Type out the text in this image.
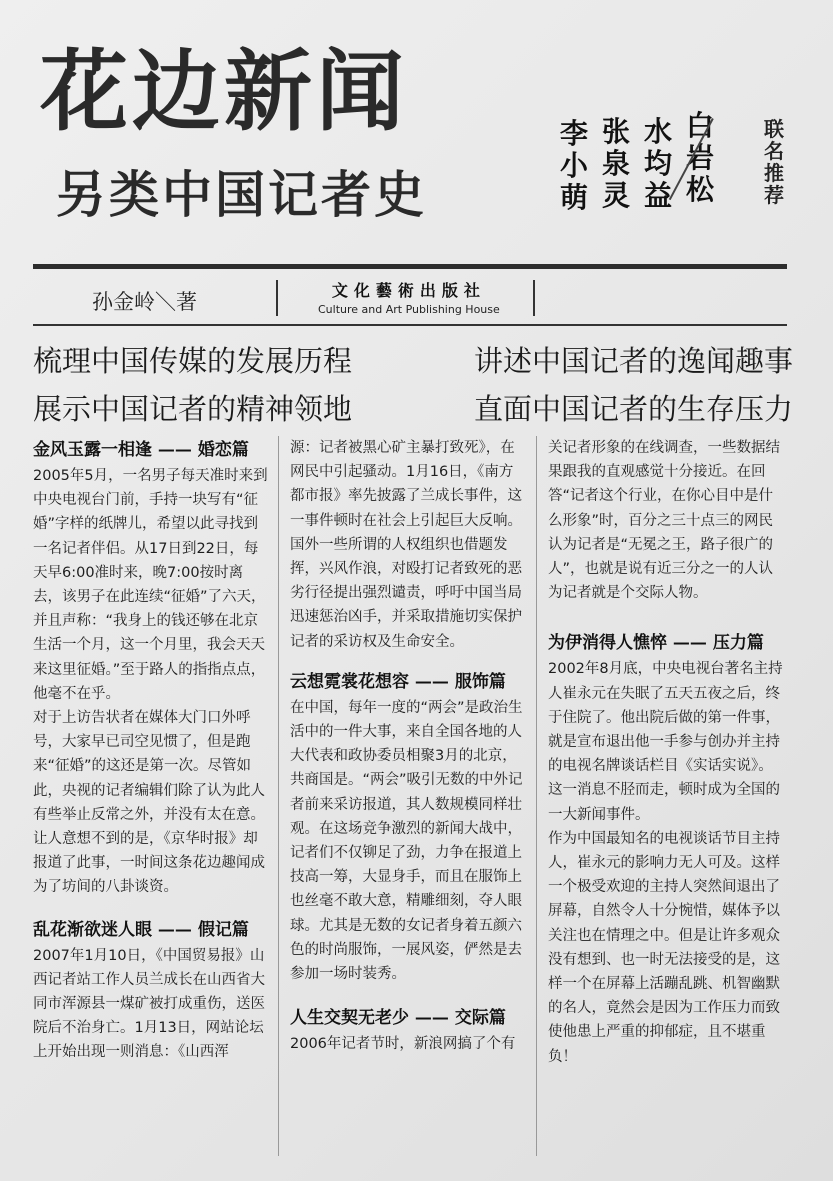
花边新闻
另类中国记者史
李
小
萌
张
泉
灵
水
均
益
白
岩
松
联
名
推
荐
孙金岭＼著	文化藝術出版社
Culture and Art Publishing House
梳理中国传媒的发展历程	讲述中国记者的逸闻趣事
展示中国记者的精神领地	直面中国记者的生存压力
金风玉露一相逢 —— 婚恋篇

2005年5月，一名男子每天准时来到中央电视台门前，手持一块写有“征婚”字样的纸牌儿，希望以此寻找到一名记者伴侣。从17日到22日，每天早6:00准时来，晚7:00按时离去，该男子在此连续“征婚”了六天，并且声称：“我身上的钱还够在北京生活一个月，这一个月里，我会天天来这里征婚。”至于路人的指指点点，他毫不在乎。

对于上访告状者在媒体大门口外呼号，大家早已司空见惯了，但是跑来“征婚”的这还是第一次。尽管如此，央视的记者编辑们除了认为此人有些举止反常之外，并没有太在意。让人意想不到的是，《京华时报》却报道了此事，一时间这条花边趣闻成为了坊间的八卦谈资。

乱花渐欲迷人眼 —— 假记篇

2007年1月10日，《中国贸易报》山西记者站工作人员兰成长在山西省大同市浑源县一煤矿被打成重伤，送医院后不治身亡。1月13日，网站论坛上开始出现一则消息：《山西浑

源：记者被黑心矿主暴打致死》，在网民中引起骚动。1月16日，《南方都市报》率先披露了兰成长事件，这一事件顿时在社会上引起巨大反响。国外一些所谓的人权组织也借题发挥，兴风作浪，对殴打记者致死的恶劣行径提出强烈谴责，呼吁中国当局迅速惩治凶手，并采取措施切实保护记者的采访权及生命安全。

云想霓裳花想容 —— 服饰篇

在中国，每年一度的“两会”是政治生活中的一件大事，来自全国各地的人大代表和政协委员相聚3月的北京，共商国是。“两会”吸引无数的中外记者前来采访报道，其人数规模同样壮观。在这场竞争激烈的新闻大战中，记者们不仅铆足了劲，力争在报道上技高一筹，大显身手，而且在服饰上也丝毫不敢大意，精雕细刻，夺人眼球。尤其是无数的女记者身着五颜六色的时尚服饰，一展风姿，俨然是去参加一场时装秀。

人生交契无老少 —— 交际篇

2006年记者节时，新浪网搞了个有

关记者形象的在线调查，一些数据结果跟我的直观感觉十分接近。在回答“记者这个行业，在你心目中是什么形象”时，百分之三十点三的网民认为记者是“无冕之王，路子很广的人”，也就是说有近三分之一的人认为记者就是个交际人物。

为伊消得人憔悴 —— 压力篇

2002年8月底，中央电视台著名主持人崔永元在失眠了五天五夜之后，终于住院了。他出院后做的第一件事，就是宣布退出他一手参与创办并主持的电视名牌谈话栏目《实话实说》。这一消息不胫而走，顿时成为全国的一大新闻事件。

作为中国最知名的电视谈话节目主持人，崔永元的影响力无人可及。这样一个极受欢迎的主持人突然间退出了屏幕，自然令人十分惋惜，媒体予以关注也在情理之中。但是让许多观众没有想到、也一时无法接受的是，这样一个在屏幕上活蹦乱跳、机智幽默的名人，竟然会是因为工作压力而致使他患上严重的抑郁症，且不堪重负！
